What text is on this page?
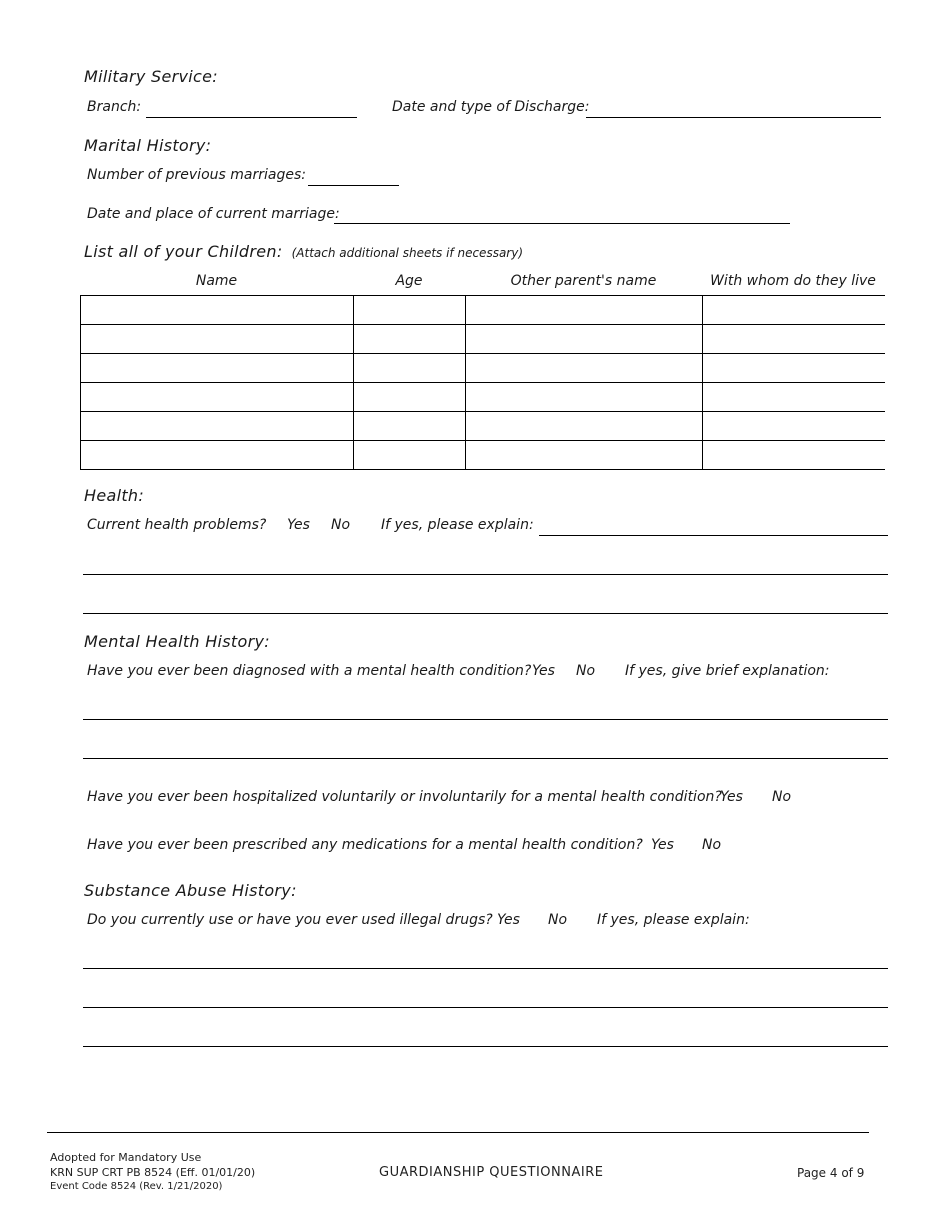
Military Service:
Branch:	Date and type of Discharge:
Marital History:
Number of previous marriages:
Date and place of current marriage:
List all of your Children: (Attach additional sheets if necessary)
Name	Age	Other parent's name	With whom do they live

Health:
Current health problems? Yes No If yes, please explain:
Mental Health History:
Have you ever been diagnosed with a mental health condition? Yes No If yes, give brief explanation:
Have you ever been hospitalized voluntarily or involuntarily for a mental health condition?
Yes No
Have you ever been prescribed any medications for a mental health condition? Yes No
Substance Abuse History:
Do you currently use or have you ever used illegal drugs? Yes No If yes, please explain:
Adopted for Mandatory Use
KRN SUP CRT PB 8524 (Eff. 01/01/20)
Event Code 8524 (Rev. 1/21/2020)
GUARDIANSHIP QUESTIONNAIRE	Page 4 of 9
